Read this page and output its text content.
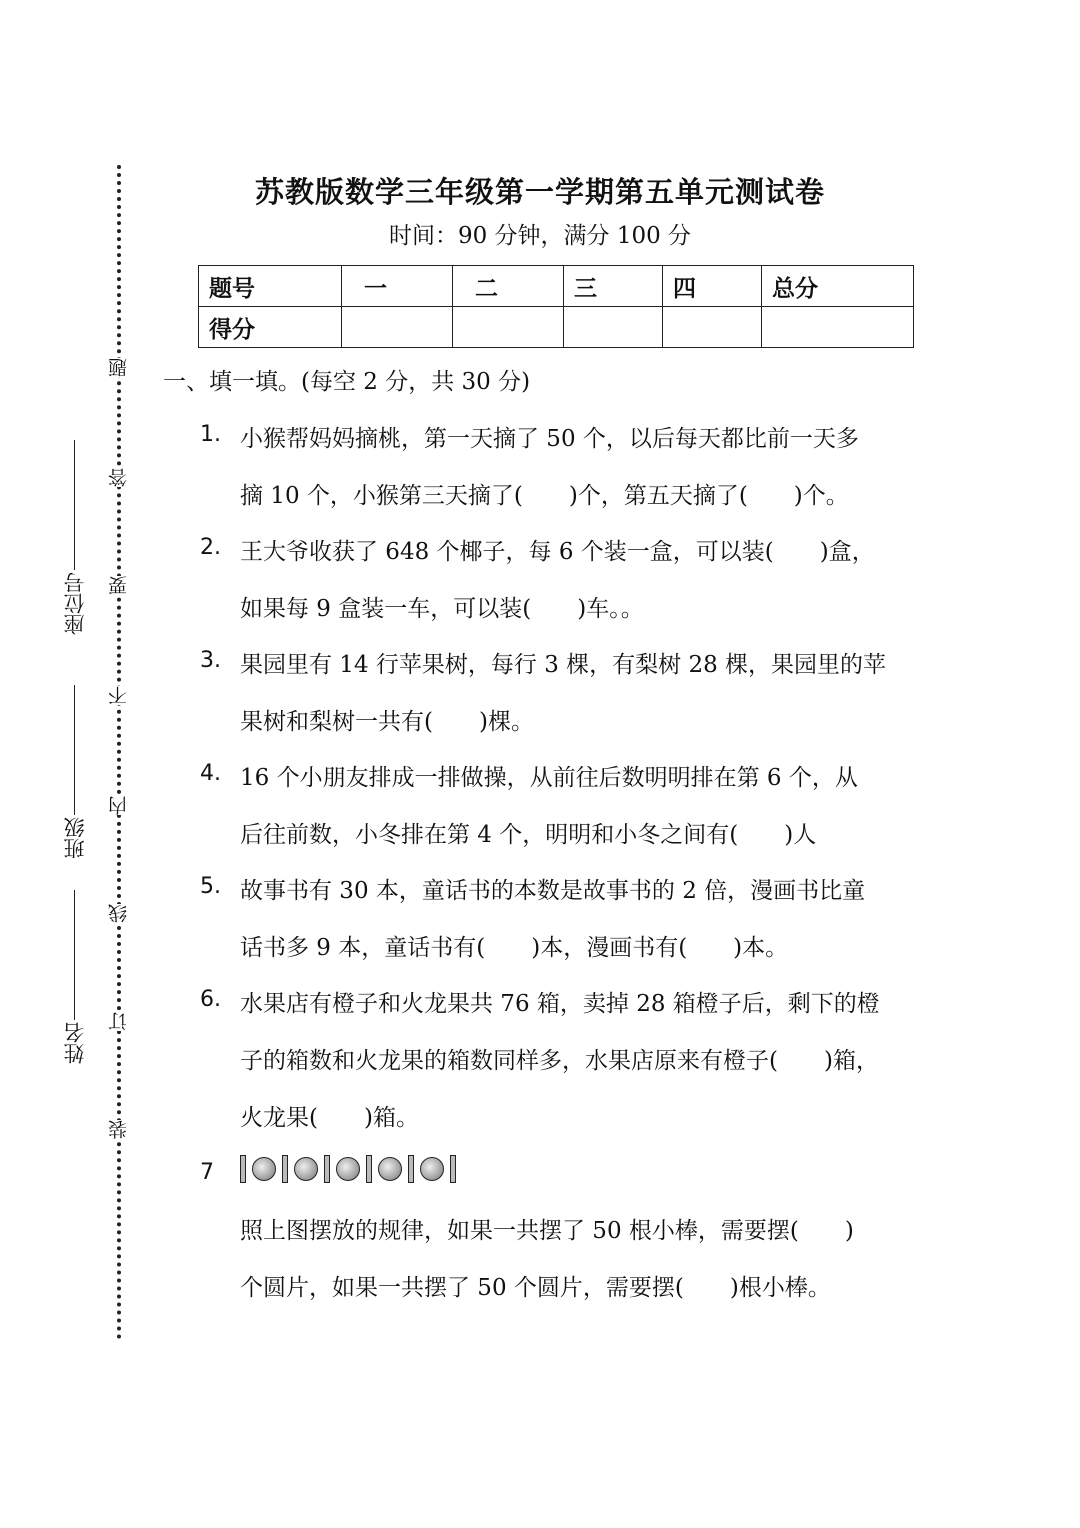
题
答
要
不
内
线
订
装
座位号
班级
姓名
苏教版数学三年级第一学期第五单元测试卷
时间：90 分钟，满分 100 分
题号	一	二	三	四	总分
得分					
一、填一填。(每空 2 分，共 30 分)
1. 小猴帮妈妈摘桃，第一天摘了 50 个，以后每天都比前一天多
摘 10 个，小猴第三天摘了(　　)个，第五天摘了(　　)个。
2. 王大爷收获了 648 个椰子，每 6 个装一盒，可以装(　　)盒，
如果每 9 盒装一车，可以装(　　)车。。
3. 果园里有 14 行苹果树，每行 3 棵，有梨树 28 棵，果园里的苹
果树和梨树一共有(　　)棵。
4. 16 个小朋友排成一排做操，从前往后数明明排在第 6 个，从
后往前数，小冬排在第 4 个，明明和小冬之间有(　　)人
5. 故事书有 30 本，童话书的本数是故事书的 2 倍，漫画书比童
话书多 9 本，童话书有(　　)本，漫画书有(　　)本。
6. 水果店有橙子和火龙果共 76 箱，卖掉 28 箱橙子后，剩下的橙
子的箱数和火龙果的箱数同样多，水果店原来有橙子(　　)箱，
火龙果(　　)箱。
7
照上图摆放的规律，如果一共摆了 50 根小棒，需要摆(　　)
个圆片，如果一共摆了 50 个圆片，需要摆(　　)根小棒。
